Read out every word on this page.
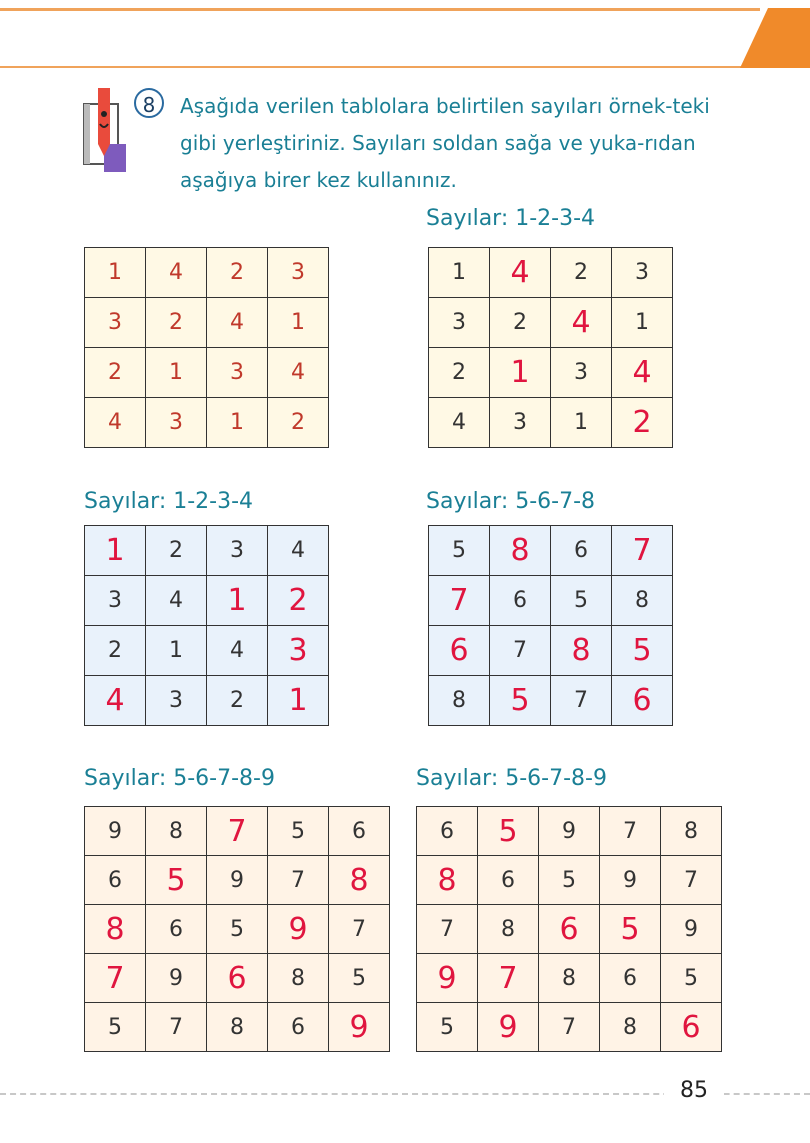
8	Aşağıda verilen tablolara belirtilen sayıları örnek-teki gibi yerleştiriniz. Sayıları soldan sağa ve yuka-rıdan aşağıya birer kez kullanınız.
Sayılar: 1-2-3-4
Sayılar: 1-2-3-4	Sayılar: 5-6-7-8
Sayılar: 5-6-7-8-9	Sayılar: 5-6-7-8-9
1	4	2	3
3	2	4	1
2	1	3	4
4	3	1	2
1	4	2	3
3	2	4	1
2	1	3	4
4	3	1	2
1	2	3	4
3	4	1	2
2	1	4	3
4	3	2	1
5	8	6	7
7	6	5	8
6	7	8	5
8	5	7	6
9	8	7	5	6
6	5	9	7	8
8	6	5	9	7
7	9	6	8	5
5	7	8	6	9
6	5	9	7	8
8	6	5	9	7
7	8	6	5	9
9	7	8	6	5
5	9	7	8	6
85
